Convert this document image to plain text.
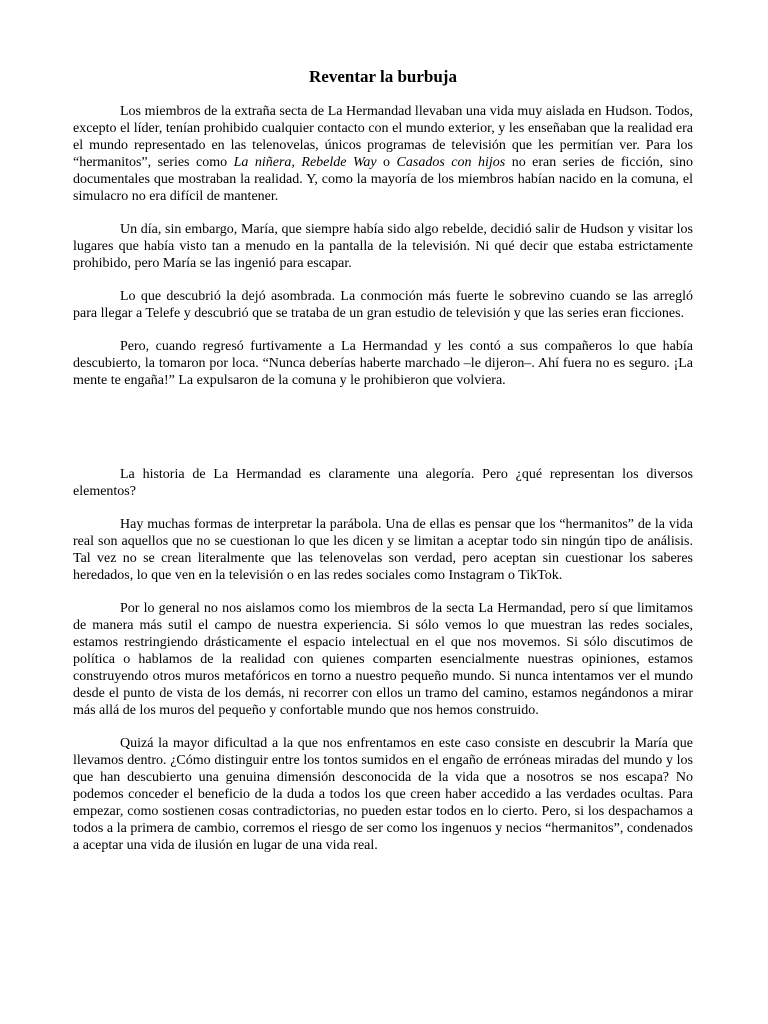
Reventar la burbuja

Los miembros de la extraña secta de La Hermandad llevaban una vida muy aislada en Hudson. Todos, excepto el líder, tenían prohibido cualquier contacto con el mundo exterior, y les enseñaban que la realidad era el mundo representado en las telenovelas, únicos programas de televisión que les permitían ver. Para los “hermanitos”, series como La niñera, Rebelde Way o Casados con hijos no eran series de ficción, sino documentales que mostraban la realidad. Y, como la mayoría de los miembros habían nacido en la comuna, el simulacro no era difícil de mantener.

Un día, sin embargo, María, que siempre había sido algo rebelde, decidió salir de Hudson y visitar los lugares que había visto tan a menudo en la pantalla de la televisión. Ni qué decir que estaba estrictamente prohibido, pero María se las ingenió para escapar.

Lo que descubrió la dejó asombrada. La conmoción más fuerte le sobrevino cuando se las arregló para llegar a Telefe y descubrió que se trataba de un gran estudio de televisión y que las series eran ficciones.

Pero, cuando regresó furtivamente a La Hermandad y les contó a sus compañeros lo que había descubierto, la tomaron por loca. “Nunca deberías haberte marchado –le dijeron–. Ahí fuera no es seguro. ¡La mente te engaña!” La expulsaron de la comuna y le prohibieron que volviera.

La historia de La Hermandad es claramente una alegoría. Pero ¿qué representan los diversos elementos?

Hay muchas formas de interpretar la parábola. Una de ellas es pensar que los “hermanitos” de la vida real son aquellos que no se cuestionan lo que les dicen y se limitan a aceptar todo sin ningún tipo de análisis. Tal vez no se crean literalmente que las telenovelas son verdad, pero aceptan sin cuestionar los saberes heredados, lo que ven en la televisión o en las redes sociales como Instagram o TikTok.

Por lo general no nos aislamos como los miembros de la secta La Hermandad, pero sí que limitamos de manera más sutil el campo de nuestra experiencia. Si sólo vemos lo que muestran las redes sociales, estamos restringiendo drásticamente el espacio intelectual en el que nos movemos. Si sólo discutimos de política o hablamos de la realidad con quienes comparten esencialmente nuestras opiniones, estamos construyendo otros muros metafóricos en torno a nuestro pequeño mundo. Si nunca intentamos ver el mundo desde el punto de vista de los demás, ni recorrer con ellos un tramo del camino, estamos negándonos a mirar más allá de los muros del pequeño y confortable mundo que nos hemos construido.

Quizá la mayor dificultad a la que nos enfrentamos en este caso consiste en descubrir la María que llevamos dentro. ¿Cómo distinguir entre los tontos sumidos en el engaño de erróneas miradas del mundo y los que han descubierto una genuina dimensión desconocida de la vida que a nosotros se nos escapa? No podemos conceder el beneficio de la duda a todos los que creen haber accedido a las verdades ocultas. Para empezar, como sostienen cosas contradictorias, no pueden estar todos en lo cierto. Pero, si los despachamos a todos a la primera de cambio, corremos el riesgo de ser como los ingenuos y necios “hermanitos”, condenados a aceptar una vida de ilusión en lugar de una vida real.
